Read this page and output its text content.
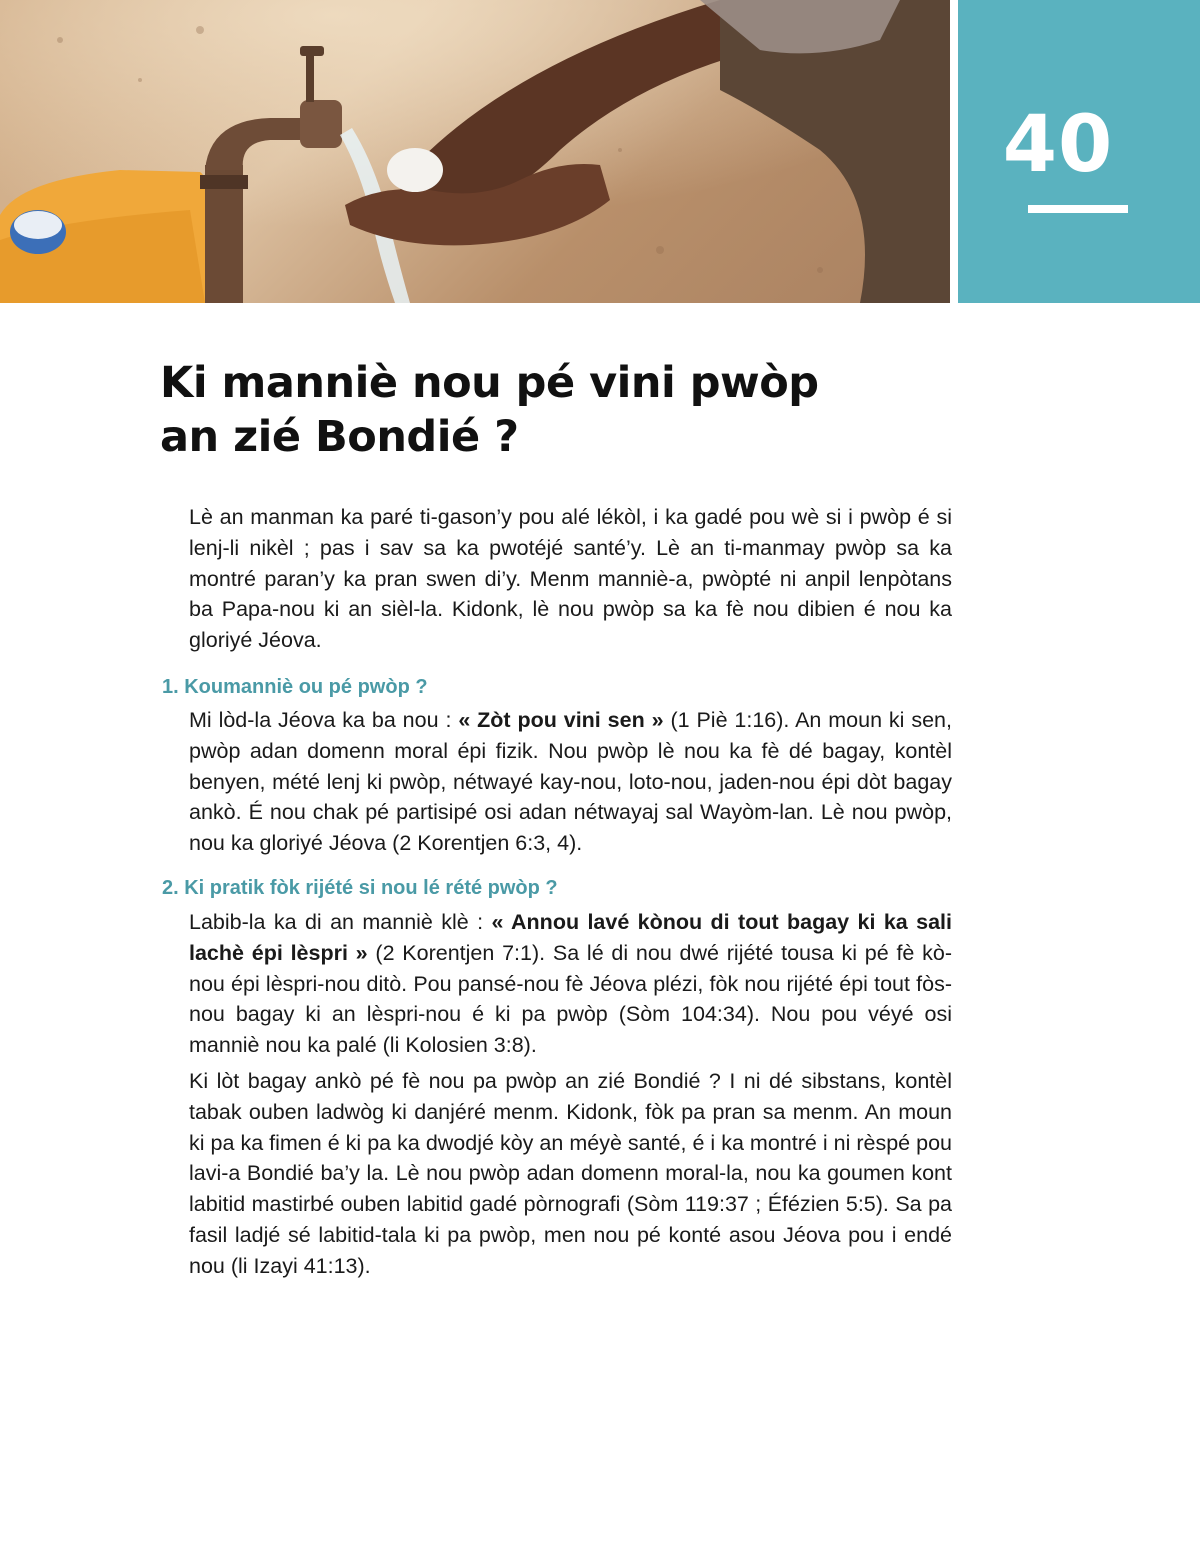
40
Ki manniè nou pé vini pwòp
an zié Bondié ?

Lè an manman ka paré ti-gason’y pou alé lékòl, i ka gadé pou wè si i pwòp é si lenj-li nikèl ; pas i sav sa ka pwotéjé santé’y. Lè an ti-manmay pwòp sa ka montré paran’y ka pran swen di’y. Menm manniè-a, pwòpté ni anpil lenpòtans ba Papa-nou ki an sièl-la. Kidonk, lè nou pwòp sa ka fè nou dibien é nou ka gloriyé Jéova.

1. Koumanniè ou pé pwòp ?

Mi lòd-la Jéova ka ba nou : « Zòt pou vini sen » (1 Piè 1:16). An moun ki sen, pwòp adan domenn moral épi fizik. Nou pwòp lè nou ka fè dé bagay, kontèl benyen, mété lenj ki pwòp, nétwayé kay-nou, loto-nou, jaden-nou épi dòt bagay ankò. É nou chak pé partisipé osi adan nétwayaj sal Wayòm-lan. Lè nou pwòp, nou ka gloriyé Jéova (2 Korentjen 6:3, 4).

2. Ki pratik fòk rijété si nou lé rété pwòp ?

Labib-la ka di an manniè klè : « Annou lavé kònou di tout bagay ki ka sali lachè épi lèspri » (2 Korentjen 7:1). Sa lé di nou dwé rijété tousa ki pé fè kò-nou épi lèspri-nou ditò. Pou pansé-nou fè Jéova plézi, fòk nou rijété épi tout fòs-nou bagay ki an lèspri-nou é ki pa pwòp (Sòm 104:34). Nou pou véyé osi manniè nou ka palé (li Kolosien 3:8).

Ki lòt bagay ankò pé fè nou pa pwòp an zié Bondié ? I ni dé sibstans, kontèl tabak ouben ladwòg ki danjéré menm. Kidonk, fòk pa pran sa menm. An moun ki pa ka fimen é ki pa ka dwodjé kòy an méyè santé, é i ka montré i ni rèspé pou lavi-a Bondié ba’y la. Lè nou pwòp adan domenn moral-la, nou ka goumen kont labitid mastirbé ouben labitid gadé pòrnografi (Sòm 119:37 ; Éfézien 5:5). Sa pa fasil ladjé sé labitid-tala ki pa pwòp, men nou pé konté asou Jéova pou i endé nou (li Izayi 41:13).
